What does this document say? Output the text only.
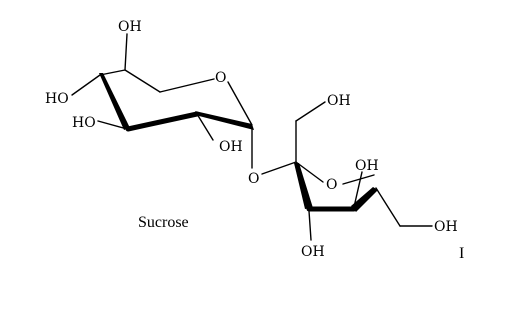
OH
O
HO
HO
OH
O
OH
OH
O
OH
OH
Sucrose
I
